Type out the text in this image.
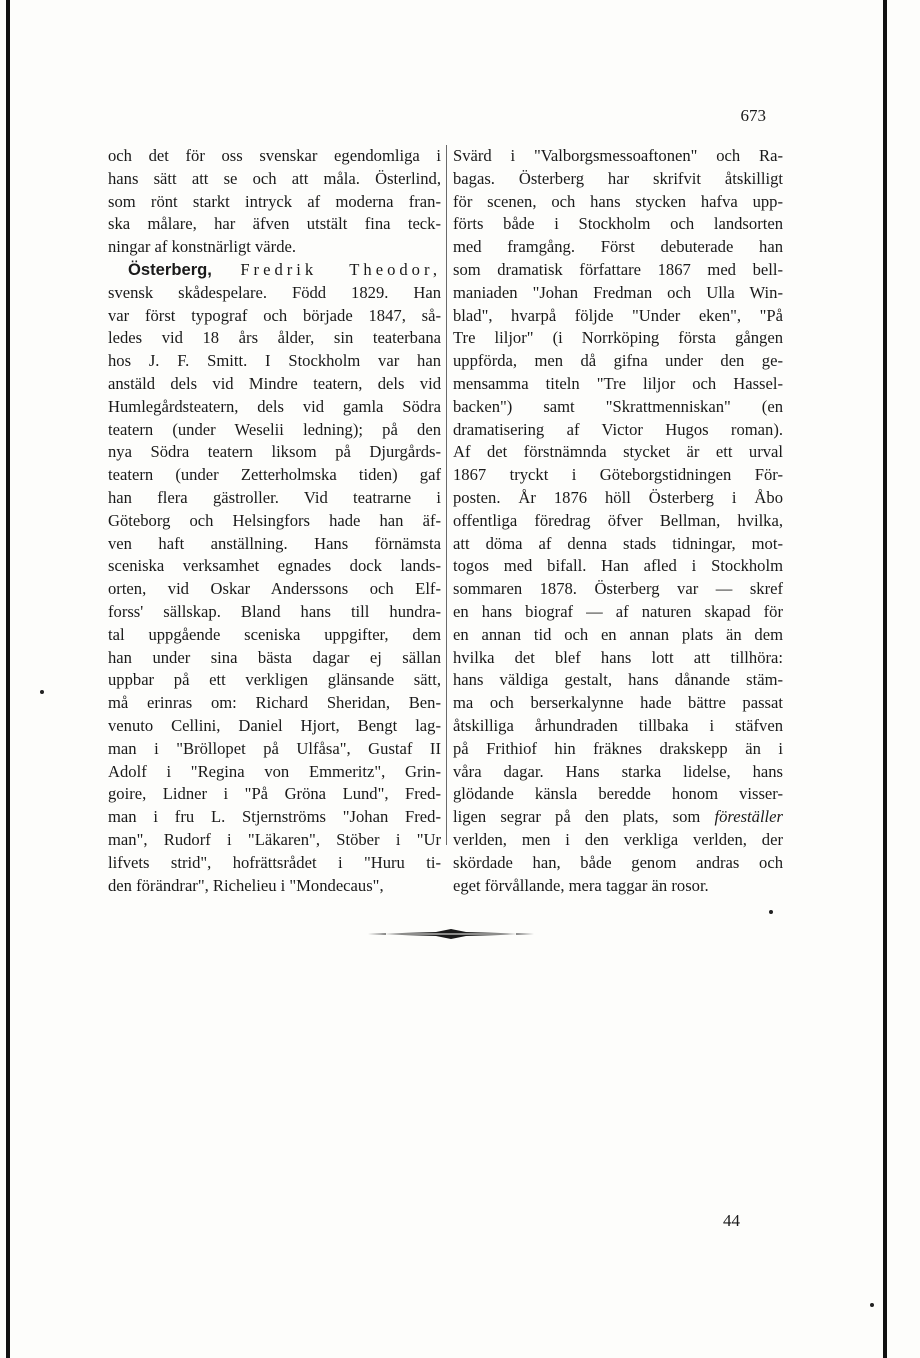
673
och det för oss svenskar egendomliga i
hans sätt att se och att måla. Österlind,
som rönt starkt intryck af moderna fran-
ska målare, har äfven utstält fina teck-
ningar af konstnärligt värde.
Österberg, Fredrik Theodor,
svensk skådespelare. Född 1829. Han
var först typograf och började 1847, så-
ledes vid 18 års ålder, sin teaterbana
hos J. F. Smitt. I Stockholm var han
anstäld dels vid Mindre teatern, dels vid
Humlegårdsteatern, dels vid gamla Södra
teatern (under Weselii ledning); på den
nya Södra teatern liksom på Djurgårds-
teatern (under Zetterholmska tiden) gaf
han flera gästroller. Vid teatrarne i
Göteborg och Helsingfors hade han äf-
ven haft anställning. Hans förnämsta
sceniska verksamhet egnades dock lands-
orten, vid Oskar Anderssons och Elf-
forss' sällskap. Bland hans till hundra-
tal uppgående sceniska uppgifter, dem
han under sina bästa dagar ej sällan
uppbar på ett verkligen glänsande sätt,
må erinras om: Richard Sheridan, Ben-
venuto Cellini, Daniel Hjort, Bengt lag-
man i "Bröllopet på Ulfåsa", Gustaf II
Adolf i "Regina von Emmeritz", Grin-
goire, Lidner i "På Gröna Lund", Fred-
man i fru L. Stjernströms "Johan Fred-
man", Rudorf i "Läkaren", Stöber i "Ur
lifvets strid", hofrättsrådet i "Huru ti-
den förändrar", Richelieu i "Mondecaus",
Svärd i "Valborgsmessoaftonen" och Ra-
bagas. Österberg har skrifvit åtskilligt
för scenen, och hans stycken hafva upp-
förts både i Stockholm och landsorten
med framgång. Först debuterade han
som dramatisk författare 1867 med bell-
maniaden "Johan Fredman och Ulla Win-
blad", hvarpå följde "Under eken", "På
Tre liljor" (i Norrköping första gången
uppförda, men då gifna under den ge-
mensamma titeln "Tre liljor och Hassel-
backen") samt "Skrattmenniskan" (en
dramatisering af Victor Hugos roman).
Af det förstnämnda stycket är ett urval
1867 tryckt i Göteborgstidningen För-
posten. År 1876 höll Österberg i Åbo
offentliga föredrag öfver Bellman, hvilka,
att döma af denna stads tidningar, mot-
togos med bifall. Han afled i Stockholm
sommaren 1878. Österberg var — skref
en hans biograf — af naturen skapad för
en annan tid och en annan plats än dem
hvilka det blef hans lott att tillhöra:
hans väldiga gestalt, hans dånande stäm-
ma och berserkalynne hade bättre passat
åtskilliga århundraden tillbaka i stäfven
på Frithiof hin fräknes drakskepp än i
våra dagar. Hans starka lidelse, hans
glödande känsla beredde honom visser-
ligen segrar på den plats, som föreställer
verlden, men i den verkliga verlden, der
skördade han, både genom andras och
eget förvållande, mera taggar än rosor.
44
